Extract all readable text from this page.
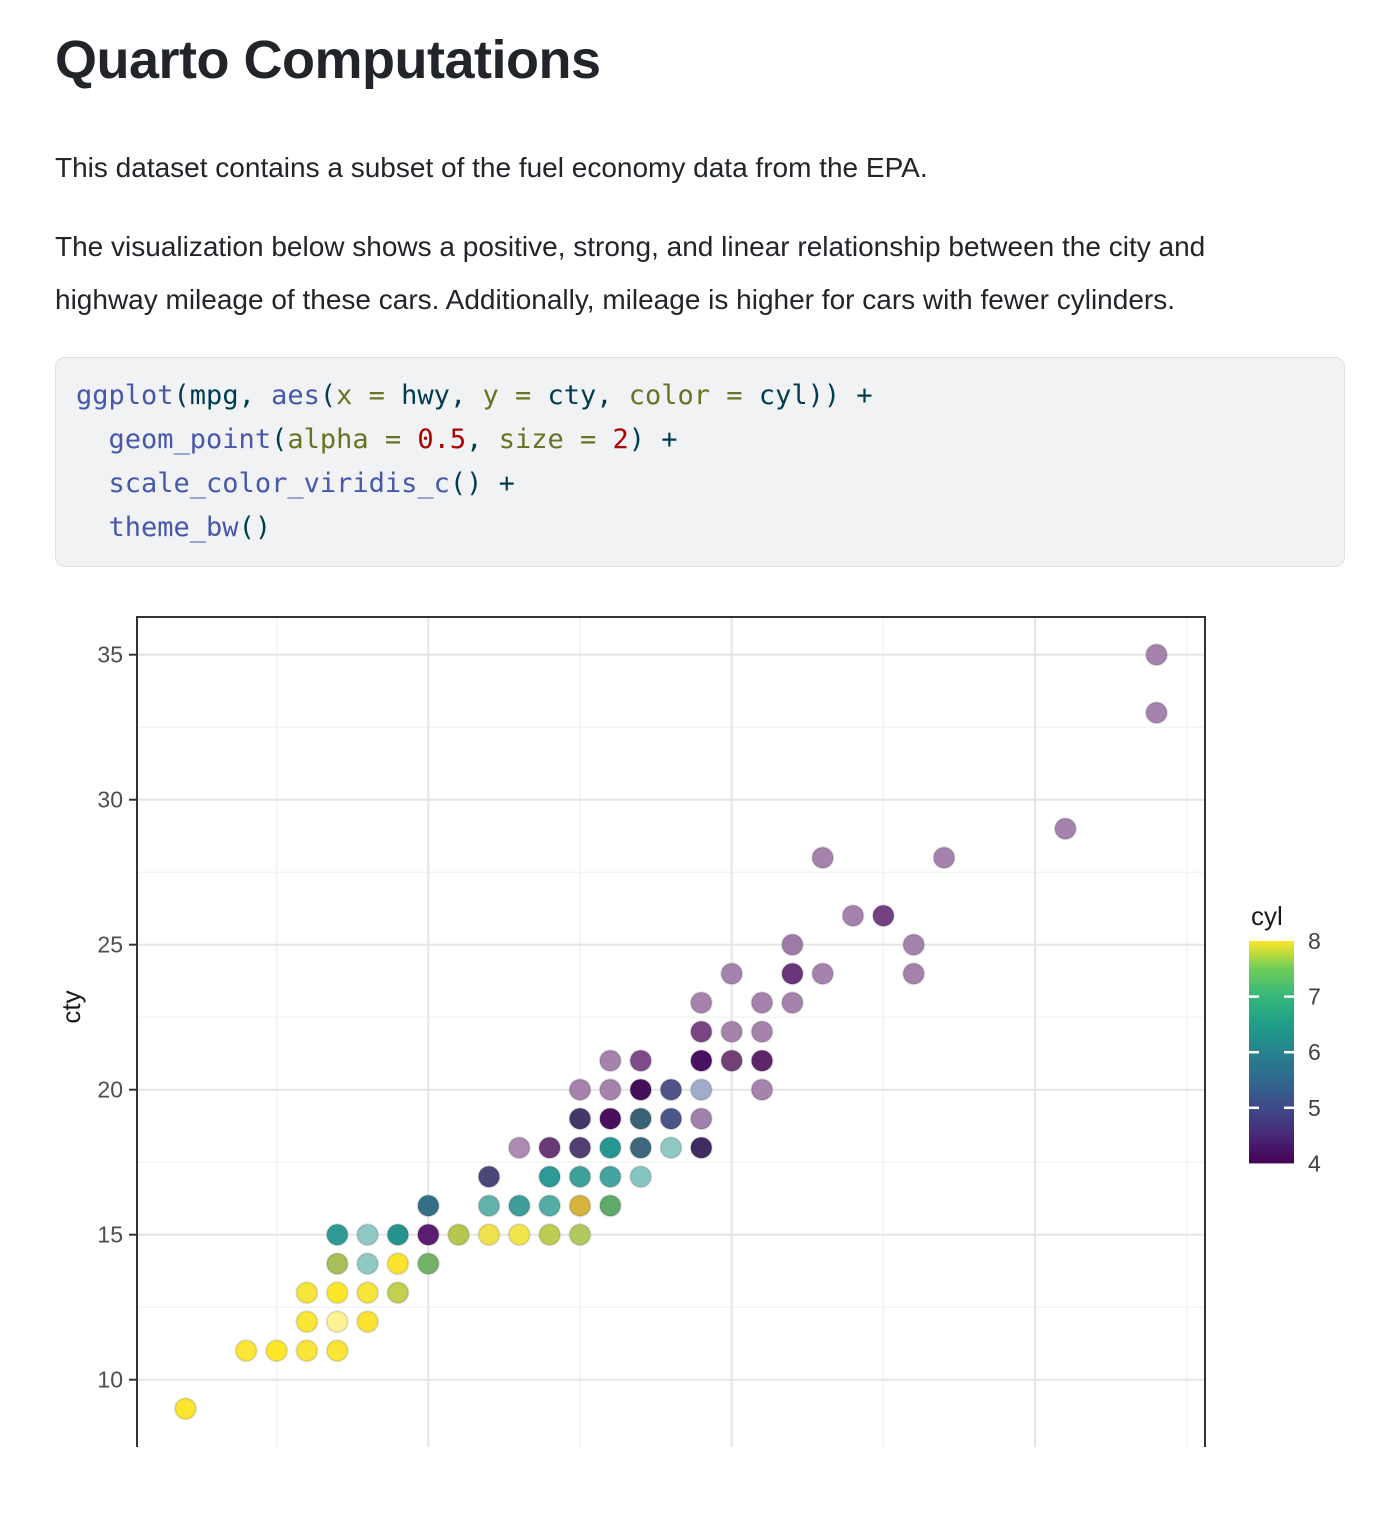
Quarto Computations

This dataset contains a subset of the fuel economy data from the EPA.

The visualization below shows a positive, strong, and linear relationship between the city and highway mileage of these cars. Additionally, mileage is higher for cars with fewer cylinders.

ggplot(mpg, aes(x = hwy, y = cty, color = cyl)) +
geom_point(alpha = 0.5, size = 2) +
scale_color_viridis_c() +
theme_bw()
35
30
25
20
15
10
cty
cyl
8
7
6
5
4
